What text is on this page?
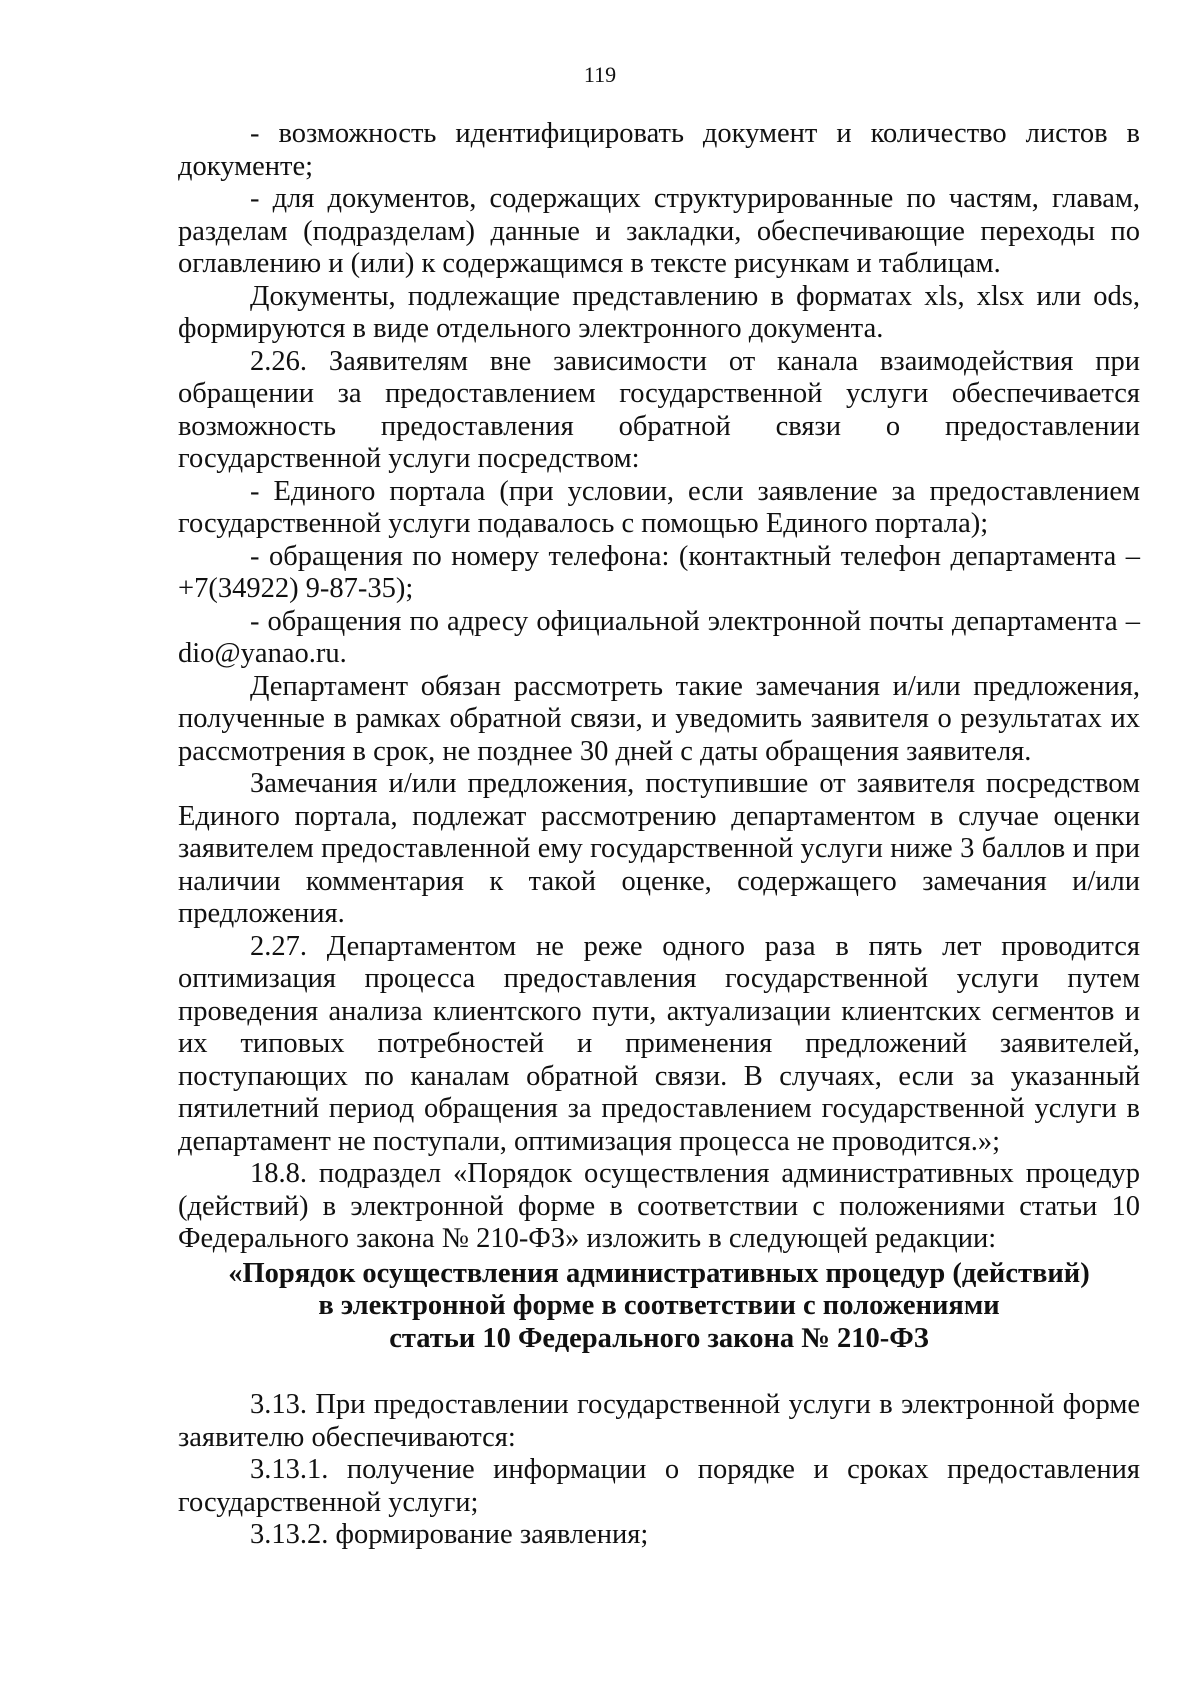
119

- возможность идентифицировать документ и количество листов в документе;

- для документов, содержащих структурированные по частям, главам, разделам (подразделам) данные и закладки, обеспечивающие переходы по оглавлению и (или) к содержащимся в тексте рисункам и таблицам.

Документы, подлежащие представлению в форматах xls, xlsx или ods, формируются в виде отдельного электронного документа.

2.26. Заявителям вне зависимости от канала взаимодействия при обращении за предоставлением государственной услуги обеспечивается возможность предоставления обратной связи о предоставлении государственной услуги посредством:

- Единого портала (при условии, если заявление за предоставлением государственной услуги подавалось с помощью Единого портала);

- обращения по номеру телефона: (контактный телефон департамента – +7(34922) 9-87-35);

- обращения по адресу официальной электронной почты департамента – dio@yanao.ru.

Департамент обязан рассмотреть такие замечания и/или предложения, полученные в рамках обратной связи, и уведомить заявителя о результатах их рассмотрения в срок, не позднее 30 дней с даты обращения заявителя.

Замечания и/или предложения, поступившие от заявителя посредством Единого портала, подлежат рассмотрению департаментом в случае оценки заявителем предоставленной ему государственной услуги ниже 3 баллов и при наличии комментария к такой оценке, содержащего замечания и/или предложения.

2.27. Департаментом не реже одного раза в пять лет проводится оптимизация процесса предоставления государственной услуги путем проведения анализа клиентского пути, актуализации клиентских сегментов и их типовых потребностей и применения предложений заявителей, поступающих по каналам обратной связи. В случаях, если за указанный пятилетний период обращения за предоставлением государственной услуги в департамент не поступали, оптимизация процесса не проводится.»;

18.8. подраздел «Порядок осуществления административных процедур (действий) в электронной форме в соответствии с положениями статьи 10 Федерального закона № 210-ФЗ» изложить в следующей редакции:

«Порядок осуществления административных процедур (действий)
в электронной форме в соответствии с положениями
статьи 10 Федерального закона № 210-ФЗ

3.13. При предоставлении государственной услуги в электронной форме заявителю обеспечиваются:

3.13.1. получение информации о порядке и сроках предоставления государственной услуги;

3.13.2. формирование заявления;
